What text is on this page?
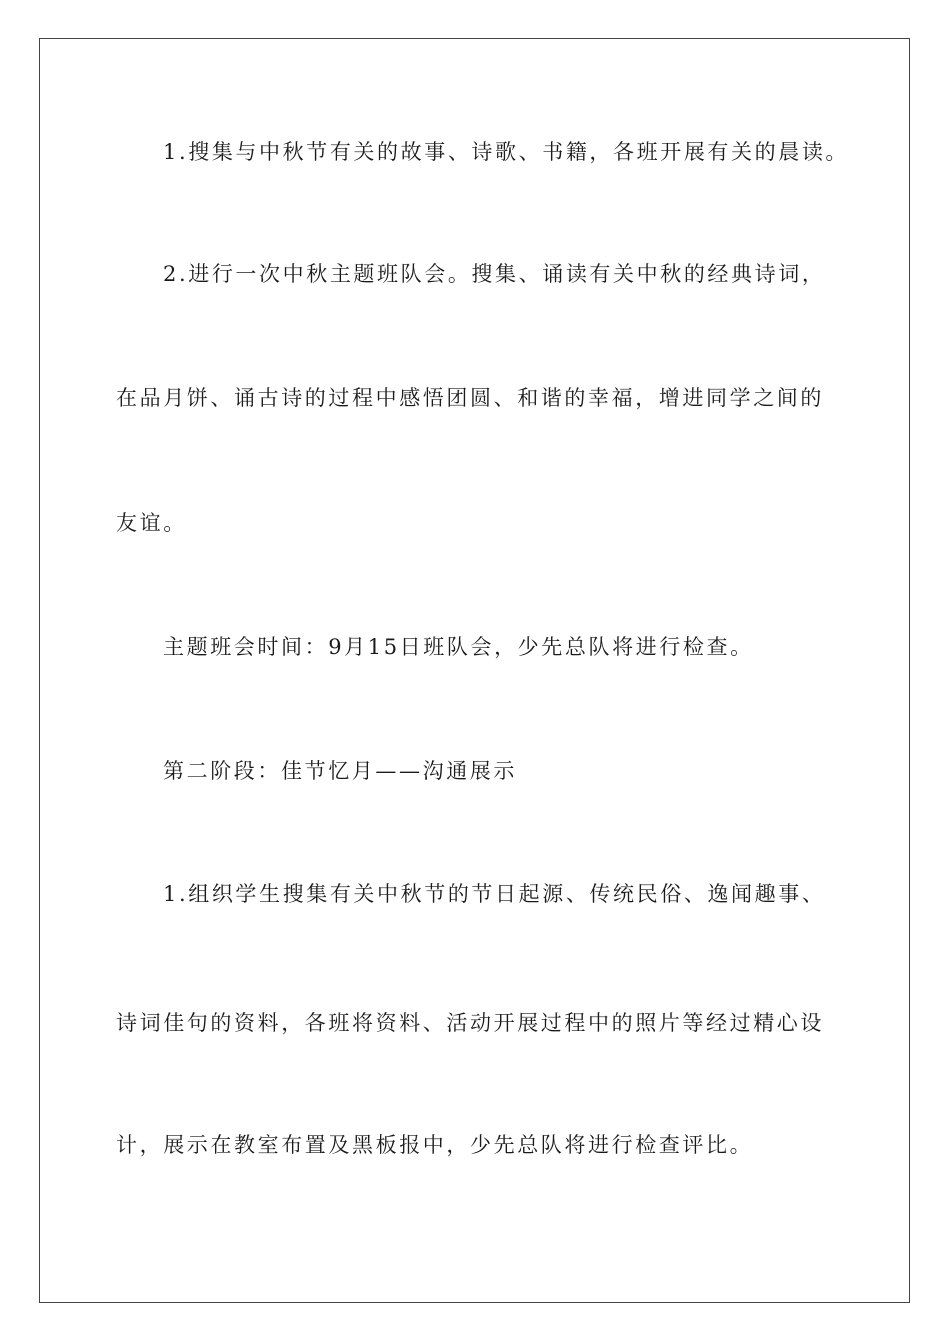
1.搜集与中秋节有关的故事、诗歌、书籍，各班开展有关的晨读。

2.进行一次中秋主题班队会。搜集、诵读有关中秋的经典诗词，

在品月饼、诵古诗的过程中感悟团圆、和谐的幸福，增进同学之间的

友谊。

主题班会时间：9月15日班队会，少先总队将进行检查。

第二阶段：佳节忆月——沟通展示

1.组织学生搜集有关中秋节的节日起源、传统民俗、逸闻趣事、

诗词佳句的资料，各班将资料、活动开展过程中的照片等经过精心设

计，展示在教室布置及黑板报中，少先总队将进行检查评比。
